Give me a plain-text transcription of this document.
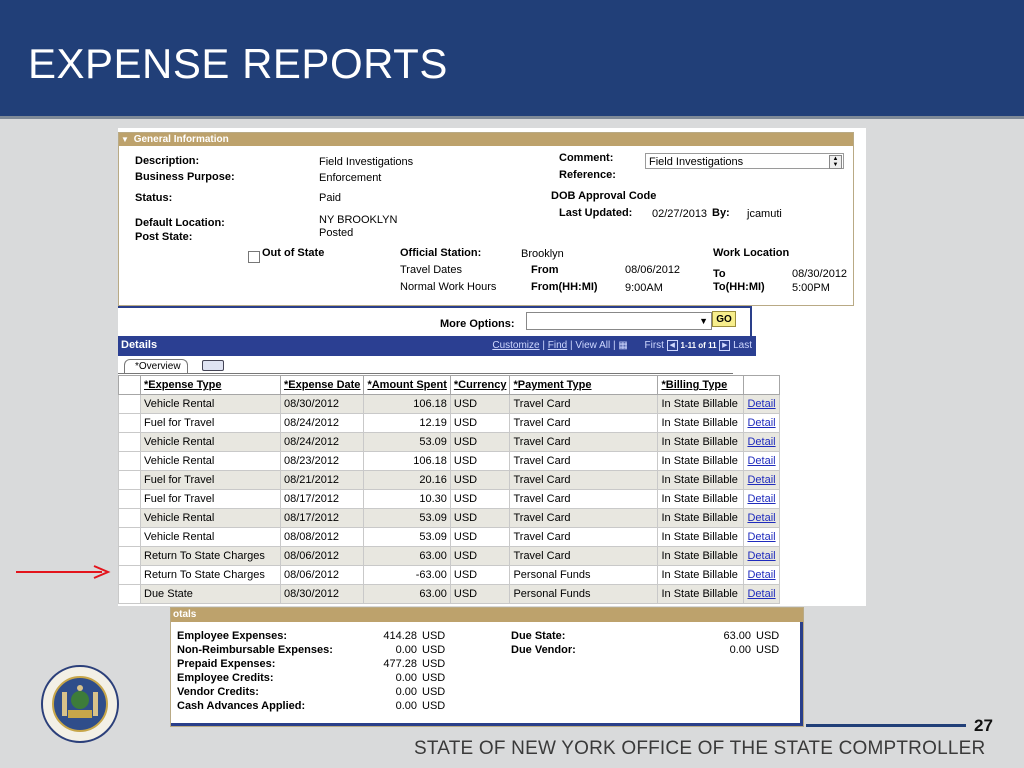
EXPENSE REPORTS
▼ General Information
Description:	Field Investigations
Business Purpose:	Enforcement
Status:	Paid
Default Location:	NY BROOKLYN
Post State:	Posted
Comment:	Field Investigations	▲
▼
Reference:
DOB Approval Code
Last Updated: 02/27/2013 By: jcamuti
Out of State	Official Station:	Brooklyn
Travel Dates
Normal Work Hours
From	08/06/2012
From(HH:MI) 9:00AM
Work Location
To	08/30/2012
To(HH:MI) 5:00PM
More Options:	▼ GO
Details	Customize | Find | View All | ▦ First ◀ 1-11 of 11 ▶ Last
*Overview
	*Expense Type	*Expense Date	*Amount Spent	*Currency	*Payment Type	*Billing Type	
	Vehicle Rental	08/30/2012	106.18	USD	Travel Card	In State Billable	Detail
	Fuel for Travel	08/24/2012	12.19	USD	Travel Card	In State Billable	Detail
	Vehicle Rental	08/24/2012	53.09	USD	Travel Card	In State Billable	Detail
	Vehicle Rental	08/23/2012	106.18	USD	Travel Card	In State Billable	Detail
	Fuel for Travel	08/21/2012	20.16	USD	Travel Card	In State Billable	Detail
	Fuel for Travel	08/17/2012	10.30	USD	Travel Card	In State Billable	Detail
	Vehicle Rental	08/17/2012	53.09	USD	Travel Card	In State Billable	Detail
	Vehicle Rental	08/08/2012	53.09	USD	Travel Card	In State Billable	Detail
	Return To State Charges	08/06/2012	63.00	USD	Travel Card	In State Billable	Detail
	Return To State Charges	08/06/2012	-63.00	USD	Personal Funds	In State Billable	Detail
	Due State	08/30/2012	63.00	USD	Personal Funds	In State Billable	Detail
otals
Employee Expenses:	414.28 USD
Non-Reimbursable Expenses:	0.00 USD
Prepaid Expenses:	477.28 USD
Employee Credits:	0.00 USD
Vendor Credits:	0.00 USD
Cash Advances Applied:	0.00 USD
Due State:	63.00 USD
Due Vendor:	0.00 USD
27
STATE OF NEW YORK OFFICE OF THE STATE COMPTROLLER
